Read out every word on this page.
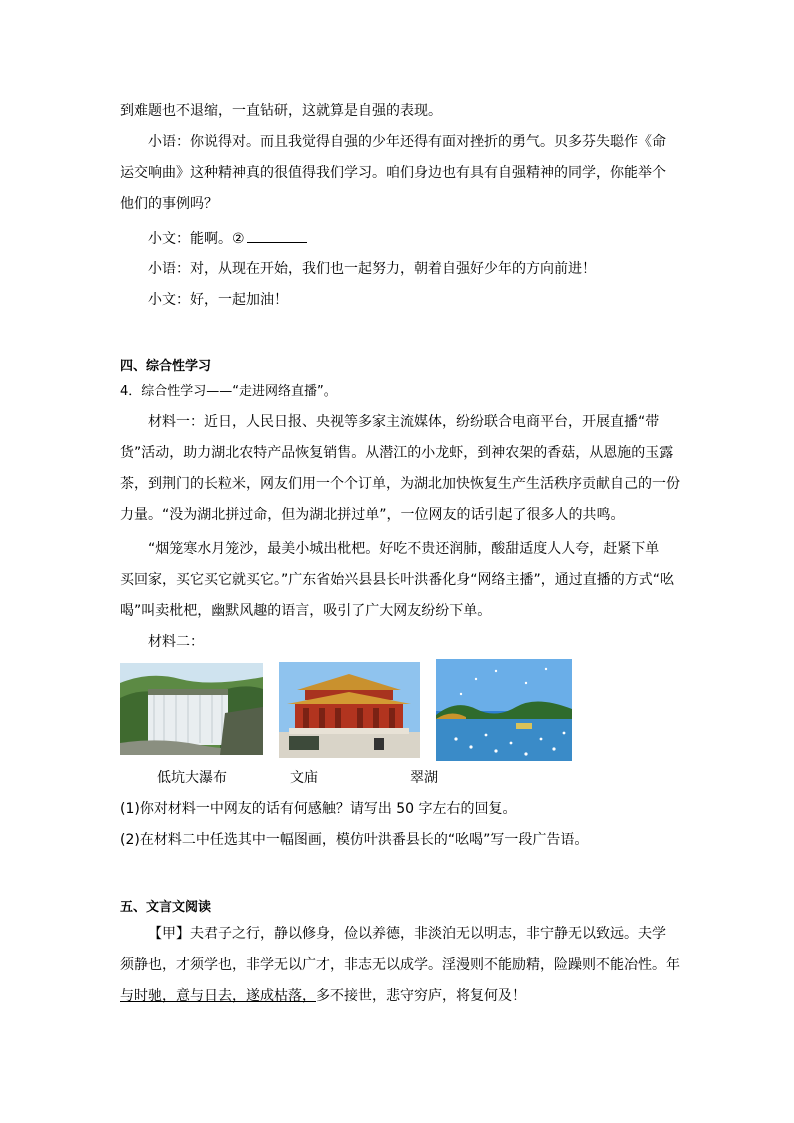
到难题也不退缩，一直钻研，这就算是自强的表现。
小语：你说得对。而且我觉得自强的少年还得有面对挫折的勇气。贝多芬失聪作《命
运交响曲》这种精神真的很值得我们学习。咱们身边也有具有自强精神的同学，你能举个
他们的事例吗？
小文：能啊。②
小语：对，从现在开始，我们也一起努力，朝着自强好少年的方向前进！
小文：好，一起加油！
四、综合性学习
4．综合性学习——“走进网络直播”。
材料一：近日，人民日报、央视等多家主流媒体，纷纷联合电商平台，开展直播“带
货”活动，助力湖北农特产品恢复销售。从潜江的小龙虾，到神农架的香菇，从恩施的玉露
茶，到荆门的长粒米，网友们用一个个订单，为湖北加快恢复生产生活秩序贡献自己的一份
力量。“没为湖北拼过命，但为湖北拼过单”，一位网友的话引起了很多人的共鸣。
“烟笼寒水月笼沙，最美小城出枇杷。好吃不贵还润肺，酸甜适度人人夸，赶紧下单
买回家，买它买它就买它。”广东省始兴县县长叶洪番化身“网络主播”，通过直播的方式“吆
喝”叫卖枇杷，幽默风趣的语言，吸引了广大网友纷纷下单。
材料二：
低坑大瀑布	文庙	翠湖
(1)你对材料一中网友的话有何感触？请写出 50 字左右的回复。
(2)在材料二中任选其中一幅图画，模仿叶洪番县长的“吆喝”写一段广告语。
五、文言文阅读
【甲】夫君子之行，静以修身，俭以养德，非淡泊无以明志，非宁静无以致远。夫学
须静也，才须学也，非学无以广才，非志无以成学。淫漫则不能励精，险躁则不能冶性。年
与时驰，意与日去，遂成枯落，多不接世，悲守穷庐，将复何及！
